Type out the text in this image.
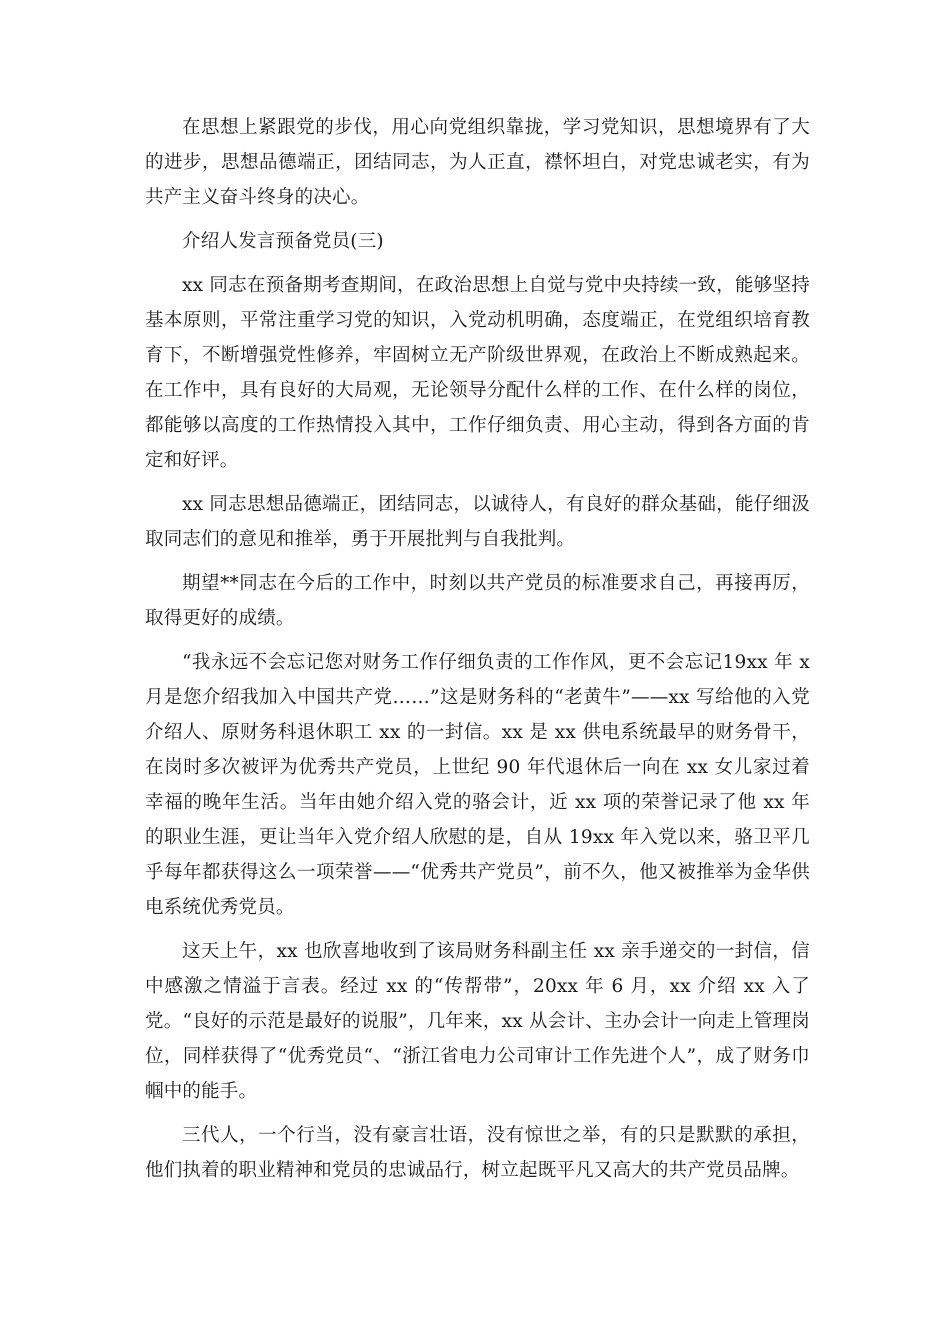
在思想上紧跟党的步伐，用心向党组织靠拢，学习党知识，思想境界有了大的进步，思想品德端正，团结同志，为人正直，襟怀坦白，对党忠诚老实，有为共产主义奋斗终身的决心。

介绍人发言预备党员(三)

xx 同志在预备期考查期间，在政治思想上自觉与党中央持续一致，能够坚持基本原则，平常注重学习党的知识，入党动机明确，态度端正，在党组织培育教育下，不断增强党性修养，牢固树立无产阶级世界观，在政治上不断成熟起来。在工作中，具有良好的大局观，无论领导分配什么样的工作、在什么样的岗位，都能够以高度的工作热情投入其中，工作仔细负责、用心主动，得到各方面的肯定和好评。

xx 同志思想品德端正，团结同志，以诚待人，有良好的群众基础，能仔细汲取同志们的意见和推举，勇于开展批判与自我批判。

期望**同志在今后的工作中，时刻以共产党员的标准要求自己，再接再厉，取得更好的成绩。

“我永远不会忘记您对财务工作仔细负责的工作作风，更不会忘记19xx 年 x 月是您介绍我加入中国共产党……”这是财务科的“老黄牛”——xx 写给他的入党介绍人、原财务科退休职工 xx 的一封信。xx 是 xx 供电系统最早的财务骨干，在岗时多次被评为优秀共产党员，上世纪 90 年代退休后一向在 xx 女儿家过着幸福的晚年生活。当年由她介绍入党的骆会计，近 xx 项的荣誉记录了他 xx 年的职业生涯，更让当年入党介绍人欣慰的是，自从 19xx 年入党以来，骆卫平几乎每年都获得这么一项荣誉——“优秀共产党员”，前不久，他又被推举为金华供电系统优秀党员。

这天上午，xx 也欣喜地收到了该局财务科副主任 xx 亲手递交的一封信，信中感激之情溢于言表。经过 xx 的“传帮带”，20xx 年 6 月，xx 介绍 xx 入了党。“良好的示范是最好的说服”，几年来，xx 从会计、主办会计一向走上管理岗位，同样获得了“优秀党员“、“浙江省电力公司审计工作先进个人”，成了财务巾帼中的能手。

三代人，一个行当，没有豪言壮语，没有惊世之举，有的只是默默的承担，他们执着的职业精神和党员的忠诚品行，树立起既平凡又高大的共产党员品牌。
